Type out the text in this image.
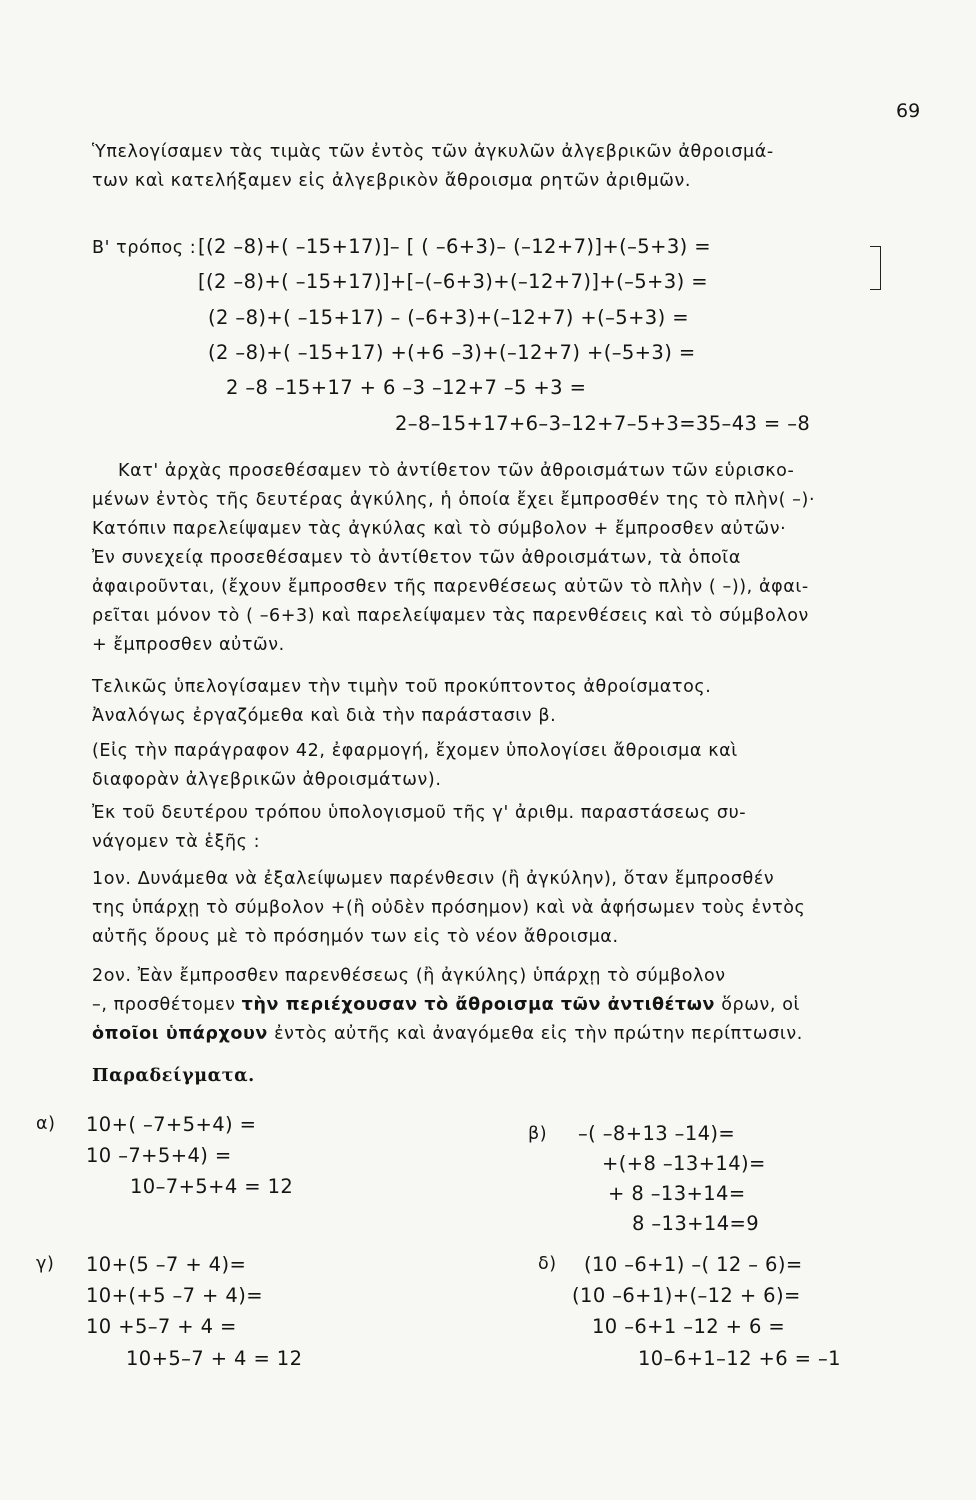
69

Ὑπελογίσαμεν τὰς τιμὰς τῶν ἐντὸς τῶν ἀγκυλῶν ἀλγεβρικῶν ἀθροισμά-
των καὶ κατελήξαμεν εἰς ἀλγεβρικὸν ἄθροισμα ρητῶν ἀριθμῶν.

Β' τρόπος : [(2 –8)+( –15+17)]– [ ( –6+3)– (–12+7)]+(–5+3) =
[(2 –8)+( –15+17)]+[–(–6+3)+(–12+7)]+(–5+3) =
(2 –8)+( –15+17) – (–6+3)+(–12+7) +(–5+3) =
(2 –8)+( –15+17) +(+6 –3)+(–12+7) +(–5+3) =
2 –8 –15+17 + 6 –3 –12+7 –5 +3 =
2–8–15+17+6–3–12+7–5+3=35–43 = –8

Κατ' ἀρχὰς προσεθέσαμεν τὸ ἀντίθετον τῶν ἀθροισμάτων τῶν εὑρισκο-
μένων ἐντὸς τῆς δευτέρας ἀγκύλης, ἡ ὁποία ἔχει ἔμπροσθέν της τὸ πλὴν( –)·
Κατόπιν παρελείψαμεν τὰς ἀγκύλας καὶ τὸ σύμβολον + ἔμπροσθεν αὐτῶν·
Ἐν συνεχείᾳ προσεθέσαμεν τὸ ἀντίθετον τῶν ἀθροισμάτων, τὰ ὁποῖα
ἀφαιροῦνται, (ἔχουν ἔμπροσθεν τῆς παρενθέσεως αὐτῶν τὸ πλὴν ( –)), ἀφαι-
ρεῖται μόνον τὸ ( –6+3) καὶ παρελείψαμεν τὰς παρενθέσεις καὶ τὸ σύμβολον
+ ἔμπροσθεν αὐτῶν.

Τελικῶς ὑπελογίσαμεν τὴν τιμὴν τοῦ προκύπτοντος ἀθροίσματος.
Ἀναλόγως ἐργαζόμεθα καὶ διὰ τὴν παράστασιν β.

(Εἰς τὴν παράγραφον 42, ἐφαρμογή, ἔχομεν ὑπολογίσει ἄθροισμα καὶ
διαφορὰν ἀλγεβρικῶν ἀθροισμάτων).

Ἐκ τοῦ δευτέρου τρόπου ὑπολογισμοῦ τῆς γ' ἀριθμ. παραστάσεως συ-
νάγομεν τὰ ἑξῆς :

1ον. Δυνάμεθα νὰ ἐξαλείψωμεν παρένθεσιν (ἢ ἀγκύλην), ὅταν ἔμπροσθέν
της ὑπάρχῃ τὸ σύμβολον +(ἢ οὐδὲν πρόσημον) καὶ νὰ ἀφήσωμεν τοὺς ἐντὸς
αὐτῆς ὅρους μὲ τὸ πρόσημόν των εἰς τὸ νέον ἄθροισμα.

2ον. Ἐὰν ἔμπροσθεν παρενθέσεως (ἢ ἀγκύλης) ὑπάρχῃ τὸ σύμβολον
–, προσθέτομεν τὴν περιέχουσαν τὸ ἄθροισμα τῶν ἀντιθέτων ὅρων, οἱ
ὁποῖοι ὑπάρχουν ἐντὸς αὐτῆς καὶ ἀναγόμεθα εἰς τὴν πρώτην περίπτωσιν.

Παραδείγματα.
α) 10+( –7+5+4) =
10 –7+5+4) =
10–7+5+4 = 12
β) –( –8+13 –14)=
+(+8 –13+14)=
+ 8 –13+14=
8 –13+14=9
γ) 10+(5 –7 + 4)=
10+(+5 –7 + 4)=
10 +5–7 + 4 =
10+5–7 + 4 = 12
δ) (10 –6+1) –( 12 – 6)=
(10 –6+1)+(–12 + 6)=
10 –6+1 –12 + 6 =
10–6+1–12 +6 = –1
